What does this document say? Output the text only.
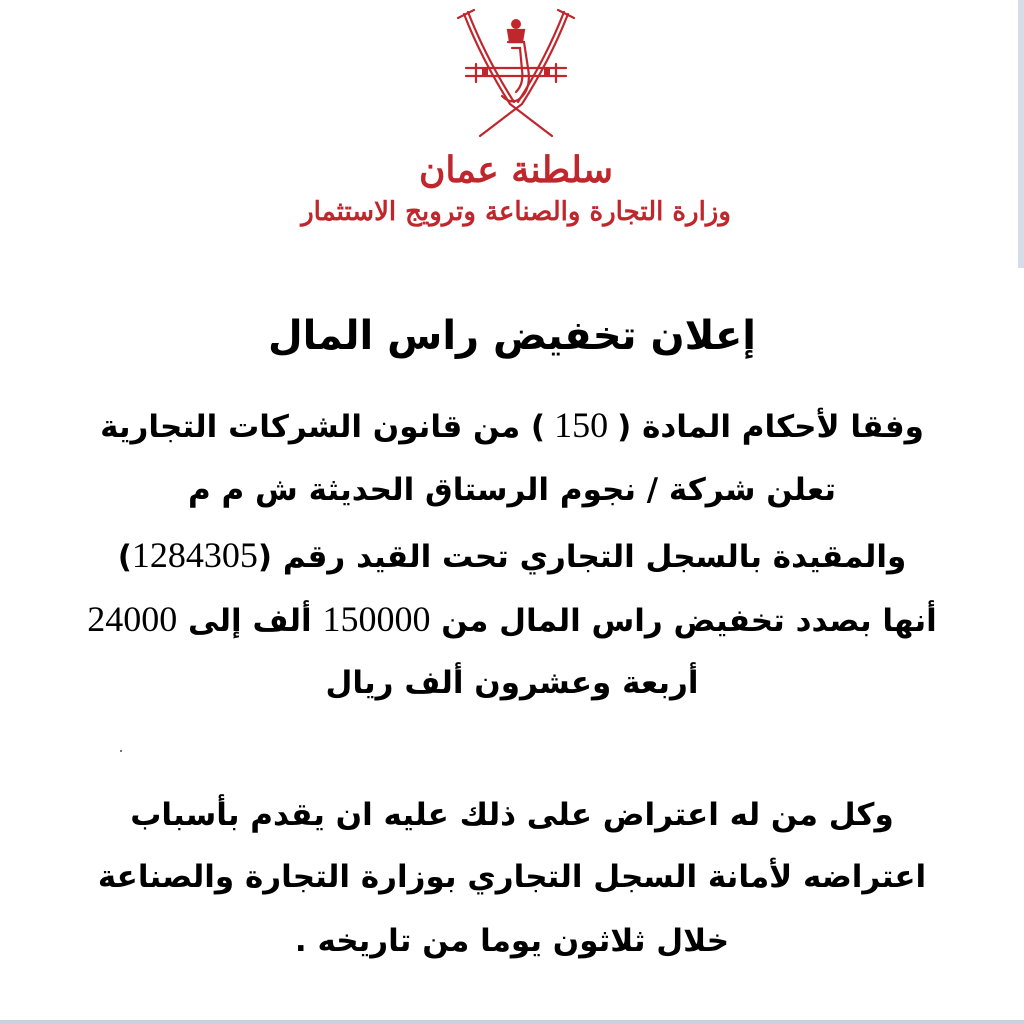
سلطنة عمان
وزارة التجارة والصناعة وترويج الاستثمار
إعلان تخفيض راس المال
وفقا لأحكام المادة ( 150 ) من قانون الشركات التجارية
تعلن شركة / نجوم الرستاق الحديثة ش م م
والمقيدة بالسجل التجاري تحت القيد رقم (1284305)
أنها بصدد تخفيض راس المال من 150000 ألف إلى 24000
أربعة وعشرون ألف ريال
وكل من له اعتراض على ذلك عليه ان يقدم بأسباب
اعتراضه لأمانة السجل التجاري بوزارة التجارة والصناعة
خلال ثلاثون يوما من تاريخه .
